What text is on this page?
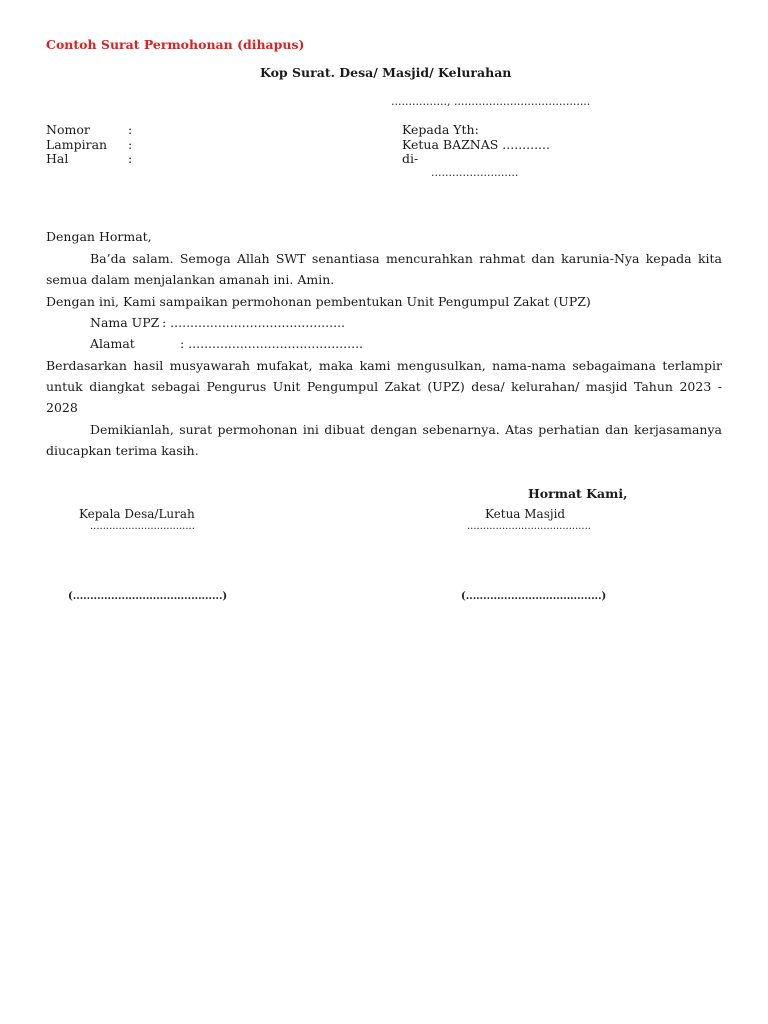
Contoh Surat Permohonan (dihapus)
Kop Surat. Desa/ Masjid/ Kelurahan
................, .......................................
Nomor	:
Lampiran :
Hal	:
Kepada Yth:
Ketua BAZNAS ............
di-
.........................
Dengan Hormat,
Ba’da salam. Semoga Allah SWT senantiasa mencurahkan rahmat dan karunia-Nya kepada kita semua dalam menjalankan amanah ini. Amin.
Dengan ini, Kami sampaikan permohonan pembentukan Unit Pengumpul Zakat (UPZ)
Nama UPZ : ............................................
Alamat	: ............................................
Berdasarkan hasil musyawarah mufakat, maka kami mengusulkan, nama-nama sebagaimana terlampir untuk diangkat sebagai Pengurus Unit Pengumpul Zakat (UPZ) desa/ kelurahan/ masjid Tahun 2023 - 2028
Demikianlah, surat permohonan ini dibuat dengan sebenarnya. Atas perhatian dan kerjasamanya diucapkan terima kasih.
Hormat Kami,
Kepala Desa/Lurah
.................................
Ketua Masjid
.......................................
(...........................................)	(.......................................)
